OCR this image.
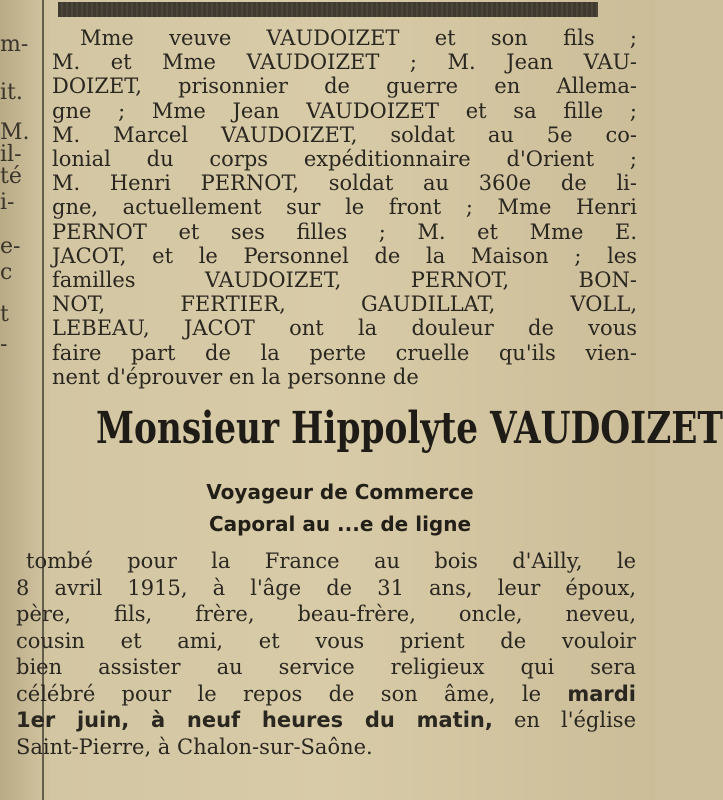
m-
it.
M.
il-
té
i-
e-
c
t
-
Mme veuve VAUDOIZET et son fils ;
M. et Mme VAUDOIZET ; M. Jean VAU-
DOIZET, prisonnier de guerre en Allema-
gne ; Mme Jean VAUDOIZET et sa fille ;
M. Marcel VAUDOIZET, soldat au 5e co-
lonial du corps expéditionnaire d'Orient ;
M. Henri PERNOT, soldat au 360e de li-
gne, actuellement sur le front ; Mme Henri
PERNOT et ses filles ; M. et Mme E.
JACOT, et le Personnel de la Maison ; les
familles VAUDOIZET, PERNOT, BON-
NOT, FERTIER, GAUDILLAT, VOLL,
LEBEAU, JACOT ont la douleur de vous
faire part de la perte cruelle qu'ils vien-
nent d'éprouver en la personne de
Monsieur Hippolyte VAUDOIZET
Voyageur de Commerce
Caporal au ...e de ligne
tombé pour la France au bois d'Ailly, le
8 avril 1915, à l'âge de 31 ans, leur époux,
père, fils, frère, beau-frère, oncle, neveu,
cousin et ami, et vous prient de vouloir
bien assister au service religieux qui sera
célébré pour le repos de son âme, le mardi
1er juin, à neuf heures du matin, en l'église
Saint-Pierre, à Chalon-sur-Saône.
